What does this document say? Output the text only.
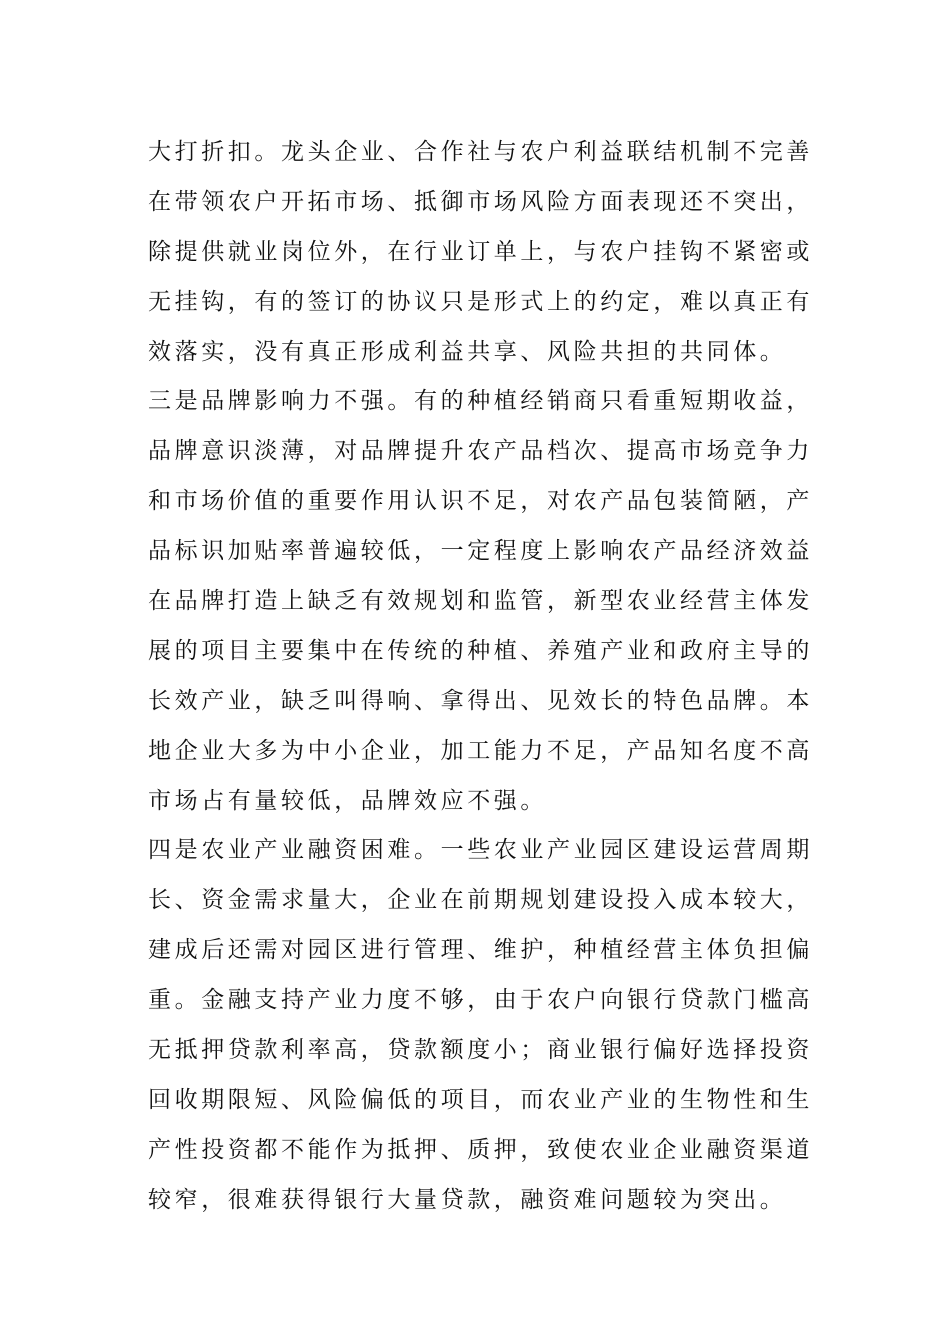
大打折扣。龙头企业、合作社与农户利益联结机制不完善
在带领农户开拓市场、抵御市场风险方面表现还不突出，
除提供就业岗位外，在行业订单上，与农户挂钩不紧密或
无挂钩，有的签订的协议只是形式上的约定，难以真正有
效落实，没有真正形成利益共享、风险共担的共同体。
三是品牌影响力不强。有的种植经销商只看重短期收益，
品牌意识淡薄，对品牌提升农产品档次、提高市场竞争力
和市场价值的重要作用认识不足，对农产品包装简陋，产
品标识加贴率普遍较低，一定程度上影响农产品经济效益
在品牌打造上缺乏有效规划和监管，新型农业经营主体发
展的项目主要集中在传统的种植、养殖产业和政府主导的
长效产业，缺乏叫得响、拿得出、见效长的特色品牌。本
地企业大多为中小企业，加工能力不足，产品知名度不高
市场占有量较低，品牌效应不强。
四是农业产业融资困难。一些农业产业园区建设运营周期
长、资金需求量大，企业在前期规划建设投入成本较大，
建成后还需对园区进行管理、维护，种植经营主体负担偏
重。金融支持产业力度不够，由于农户向银行贷款门槛高
无抵押贷款利率高，贷款额度小；商业银行偏好选择投资
回收期限短、风险偏低的项目，而农业产业的生物性和生
产性投资都不能作为抵押、质押，致使农业企业融资渠道
较窄，很难获得银行大量贷款，融资难问题较为突出。
